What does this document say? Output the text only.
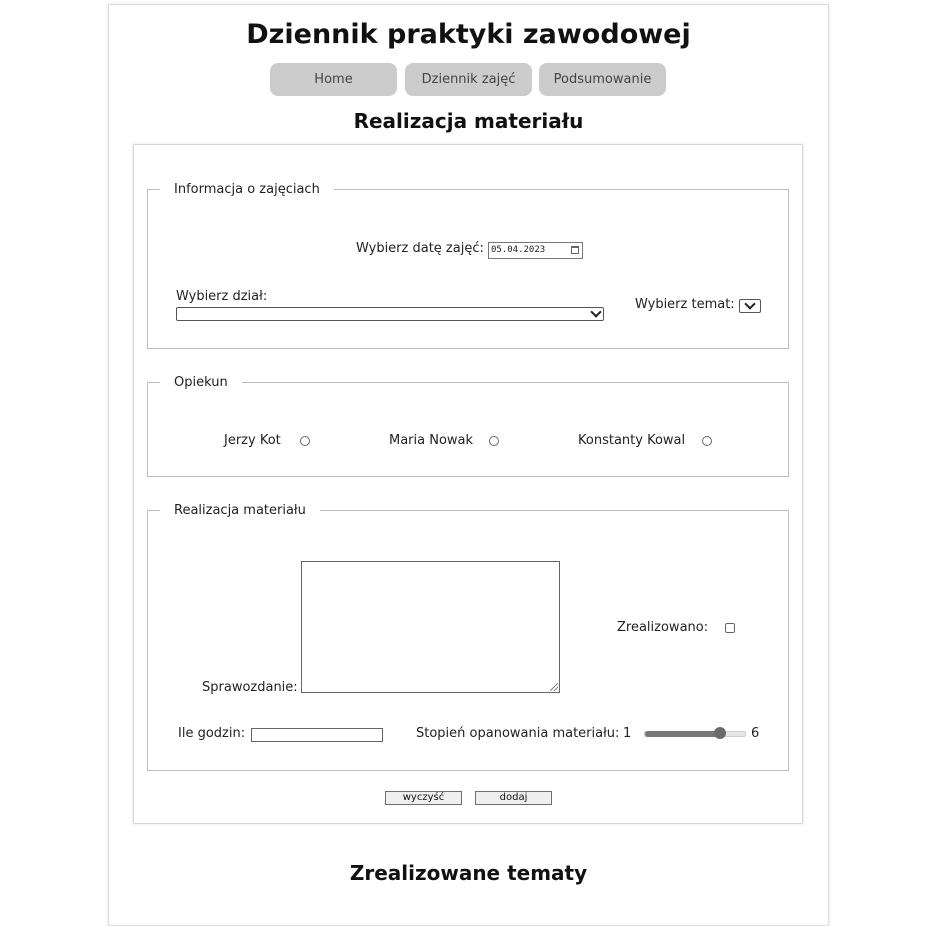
Dziennik praktyki zawodowej
Home	Dziennik zajęć	Podsumowanie
Realizacja materiału
Informacja o zajęciach
Wybierz datę zajęć: 05.04.2023
Wybierz dział:
Wybierz temat:
Opiekun
Jerzy Kot	Maria Nowak	Konstanty Kowal
Realizacja materiału
Sprawozdanie:
Zrealizowano:
Ile godzin:	Stopień opanowania materiału: 1	6
wyczyść	dodaj
Zrealizowane tematy
